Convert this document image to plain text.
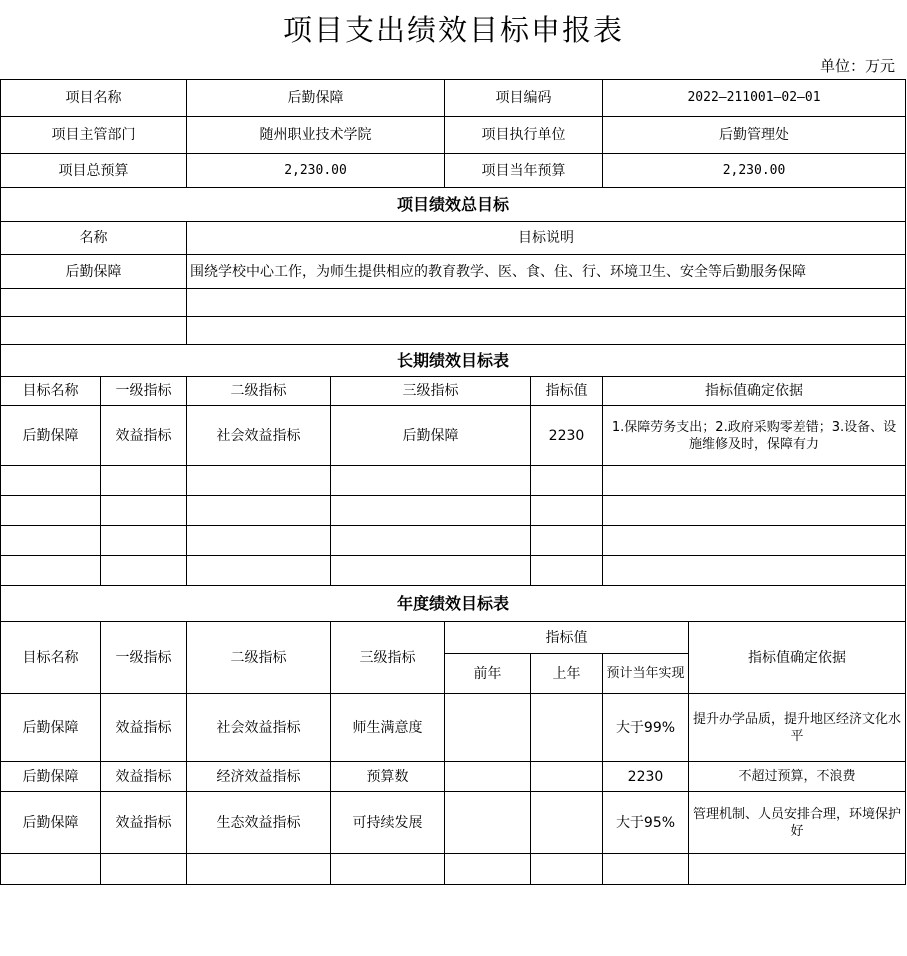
项目支出绩效目标申报表
单位：万元
项目名称		后勤保障		项目编码		2022—211001—02—01	
项目主管部门		随州职业技术学院		项目执行单位		后勤管理处	
项目总预算		2,230.00		项目当年预算		2,230.00	
项目绩效总目标							
名称		目标说明					
后勤保障		围绕学校中心工作，为师生提供相应的教育教学、医、食、住、行、环境卫生、安全等后勤服务保障					

长期绩效目标表							
目标名称	一级指标	二级指标	三级指标		指标值	指标值确定依据	
后勤保障	效益指标	社会效益指标	后勤保障		2230	1.保障劳务支出；2.政府采购零差错；3.设备、设施维修及时，保障有力	

年度绩效目标表							
目标名称	一级指标	二级指标	三级指标	指标值			指标值确定依据
				前年	上年	预计当年实现	
后勤保障	效益指标	社会效益指标	师生满意度			大于99%	提升办学品质，提升地区经济文化水平
后勤保障	效益指标	经济效益指标	预算数			2230	不超过预算，不浪费
后勤保障	效益指标	生态效益指标	可持续发展			大于95%	管理机制、人员安排合理，环境保护好
